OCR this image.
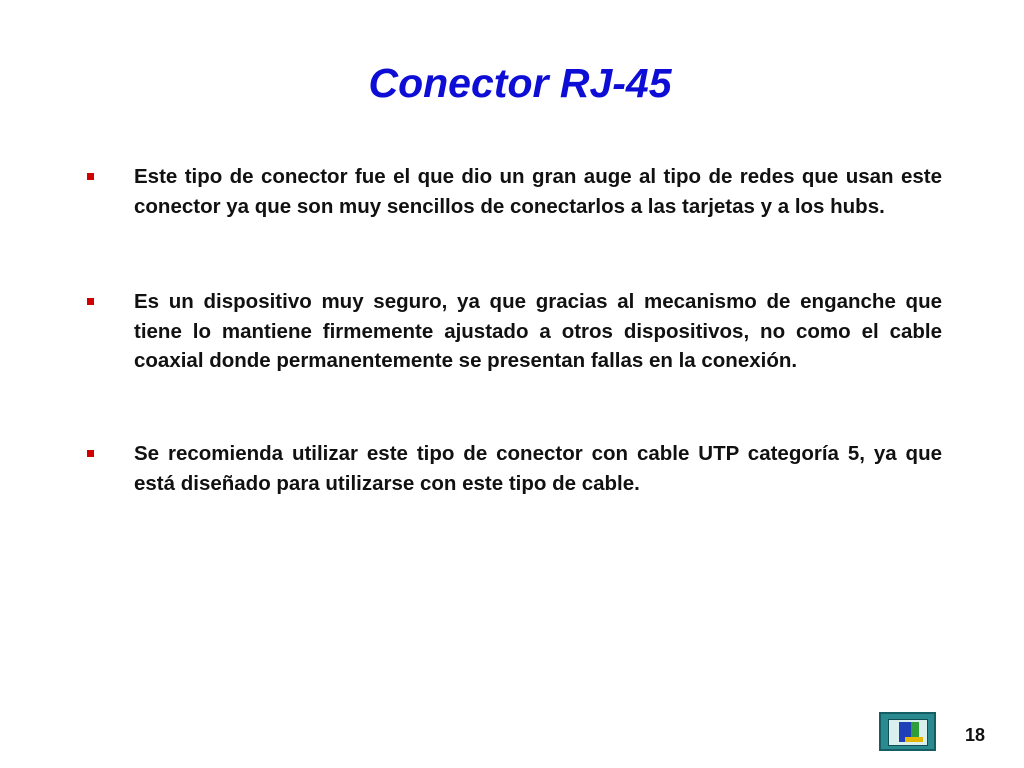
Conector RJ-45
Este tipo de conector fue el que dio un gran auge al tipo de redes que usan este conector ya que son muy sencillos de conectarlos a las tarjetas y a los hubs.
Es un dispositivo muy seguro, ya que gracias al mecanismo de enganche que tiene lo mantiene firmemente ajustado a otros dispositivos, no como el cable coaxial donde permanentemente se presentan fallas en la conexión.
Se recomienda utilizar este tipo de conector con cable UTP categoría 5, ya que está diseñado para utilizarse con este tipo de cable.
18
